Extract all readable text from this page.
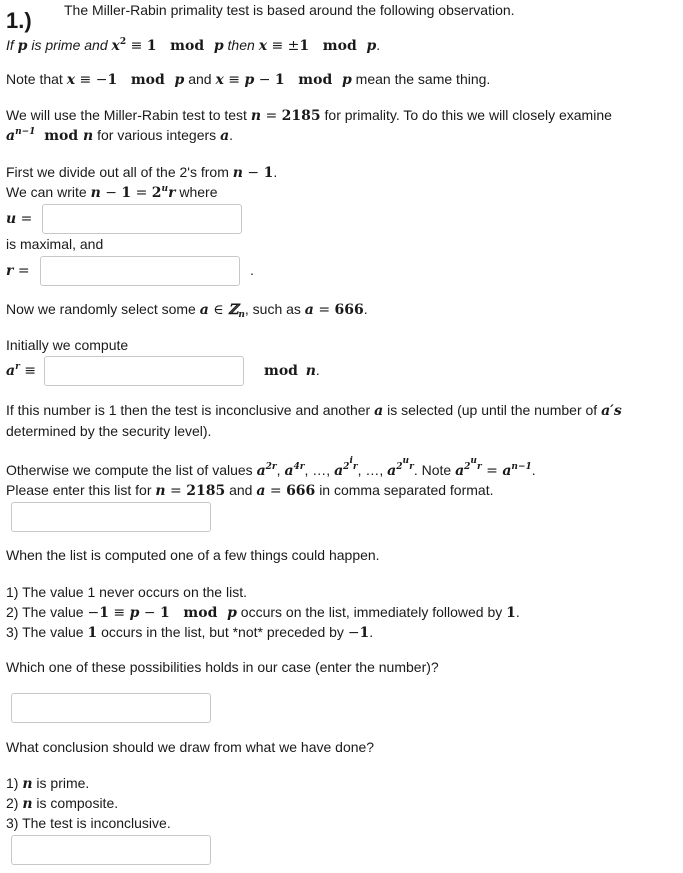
1.) The Miller-Rabin primality test is based around the following observation.
If p is prime and $x^2 \equiv 1$   mod  p then x ≡ ±1   mod  p.
Note that x ≡ −1   mod  p and x ≡ p − 1   mod  p mean the same thing.
We will use the Miller-Rabin test to test n = 2185 for primality. To do this we will closely examine
$a^{n-1}$  mod n for various integers a.
First we divide out all of the 2's from n − 1.
We can write $n - 1 = 2^ur$ where
u =
is maximal, and
r =	.
Now we randomly select some a ∈ ℤ$_n$, such as a = 666.
Initially we compute
$a^r$ ≡	mod n.
If this number is 1 then the test is inconclusive and another a is selected (up until the number of a′s
determined by the security level).
Otherwise we compute the list of values $a^{2r}$, $a^{4r}$, …, $a^{2^ir}$, …, $a^{2^ur}$. Note $a^{2^ur} = a^{n-1}$.
Please enter this list for n = 2185 and a = 666 in comma separated format.
When the list is computed one of a few things could happen.
1) The value 1 never occurs on the list.
2) The value −1 ≡ p − 1   mod  p occurs on the list, immediately followed by 1.
3) The value 1 occurs in the list, but *not* preceded by −1.
Which one of these possibilities holds in our case (enter the number)?
What conclusion should we draw from what we have done?
1) n is prime.
2) n is composite.
3) The test is inconclusive.
